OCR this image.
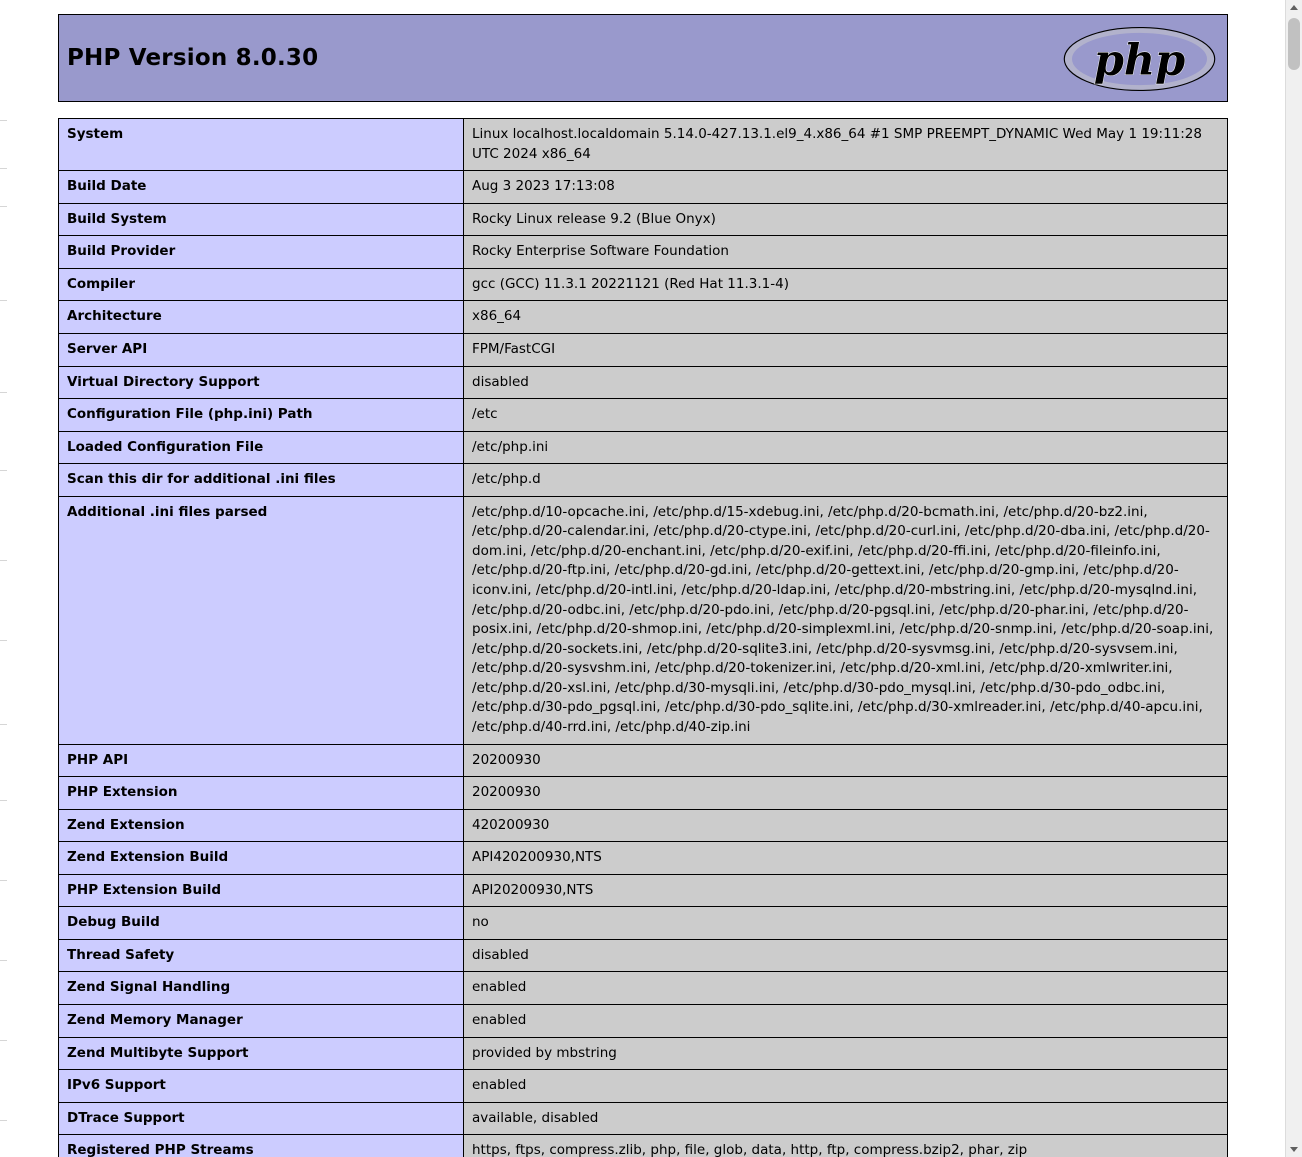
PHP Version 8.0.30	php
System	Linux localhost.localdomain 5.14.0-427.13.1.el9_4.x86_64 #1 SMP PREEMPT_DYNAMIC Wed May 1 19:11:28 UTC 2024 x86_64
Build Date	Aug 3 2023 17:13:08
Build System	Rocky Linux release 9.2 (Blue Onyx)
Build Provider	Rocky Enterprise Software Foundation
Compiler	gcc (GCC) 11.3.1 20221121 (Red Hat 11.3.1-4)
Architecture	x86_64
Server API	FPM/FastCGI
Virtual Directory Support	disabled
Configuration File (php.ini) Path	/etc
Loaded Configuration File	/etc/php.ini
Scan this dir for additional .ini files	/etc/php.d
Additional .ini files parsed	/etc/php.d/10-opcache.ini, /etc/php.d/15-xdebug.ini, /etc/php.d/20-bcmath.ini, /etc/php.d/20-bz2.ini, /etc/php.d/20-calendar.ini, /etc/php.d/20-ctype.ini, /etc/php.d/20-curl.ini, /etc/php.d/20-dba.ini, /etc/php.d/20-dom.ini, /etc/php.d/20-enchant.ini, /etc/php.d/20-exif.ini, /etc/php.d/20-ffi.ini, /etc/php.d/20-fileinfo.ini, /etc/php.d/20-ftp.ini, /etc/php.d/20-gd.ini, /etc/php.d/20-gettext.ini, /etc/php.d/20-gmp.ini, /etc/php.d/20-iconv.ini, /etc/php.d/20-intl.ini, /etc/php.d/20-ldap.ini, /etc/php.d/20-mbstring.ini, /etc/php.d/20-mysqlnd.ini, /etc/php.d/20-odbc.ini, /etc/php.d/20-pdo.ini, /etc/php.d/20-pgsql.ini, /etc/php.d/20-phar.ini, /etc/php.d/20-posix.ini, /etc/php.d/20-shmop.ini, /etc/php.d/20-simplexml.ini, /etc/php.d/20-snmp.ini, /etc/php.d/20-soap.ini, /etc/php.d/20-sockets.ini, /etc/php.d/20-sqlite3.ini, /etc/php.d/20-sysvmsg.ini, /etc/php.d/20-sysvsem.ini, /etc/php.d/20-sysvshm.ini, /etc/php.d/20-tokenizer.ini, /etc/php.d/20-xml.ini, /etc/php.d/20-xmlwriter.ini, /etc/php.d/20-xsl.ini, /etc/php.d/30-mysqli.ini, /etc/php.d/30-pdo_mysql.ini, /etc/php.d/30-pdo_odbc.ini, /etc/php.d/30-pdo_pgsql.ini, /etc/php.d/30-pdo_sqlite.ini, /etc/php.d/30-xmlreader.ini, /etc/php.d/40-apcu.ini, /etc/php.d/40-rrd.ini, /etc/php.d/40-zip.ini
PHP API	20200930
PHP Extension	20200930
Zend Extension	420200930
Zend Extension Build	API420200930,NTS
PHP Extension Build	API20200930,NTS
Debug Build	no
Thread Safety	disabled
Zend Signal Handling	enabled
Zend Memory Manager	enabled
Zend Multibyte Support	provided by mbstring
IPv6 Support	enabled
DTrace Support	available, disabled
Registered PHP Streams	https, ftps, compress.zlib, php, file, glob, data, http, ftp, compress.bzip2, phar, zip
